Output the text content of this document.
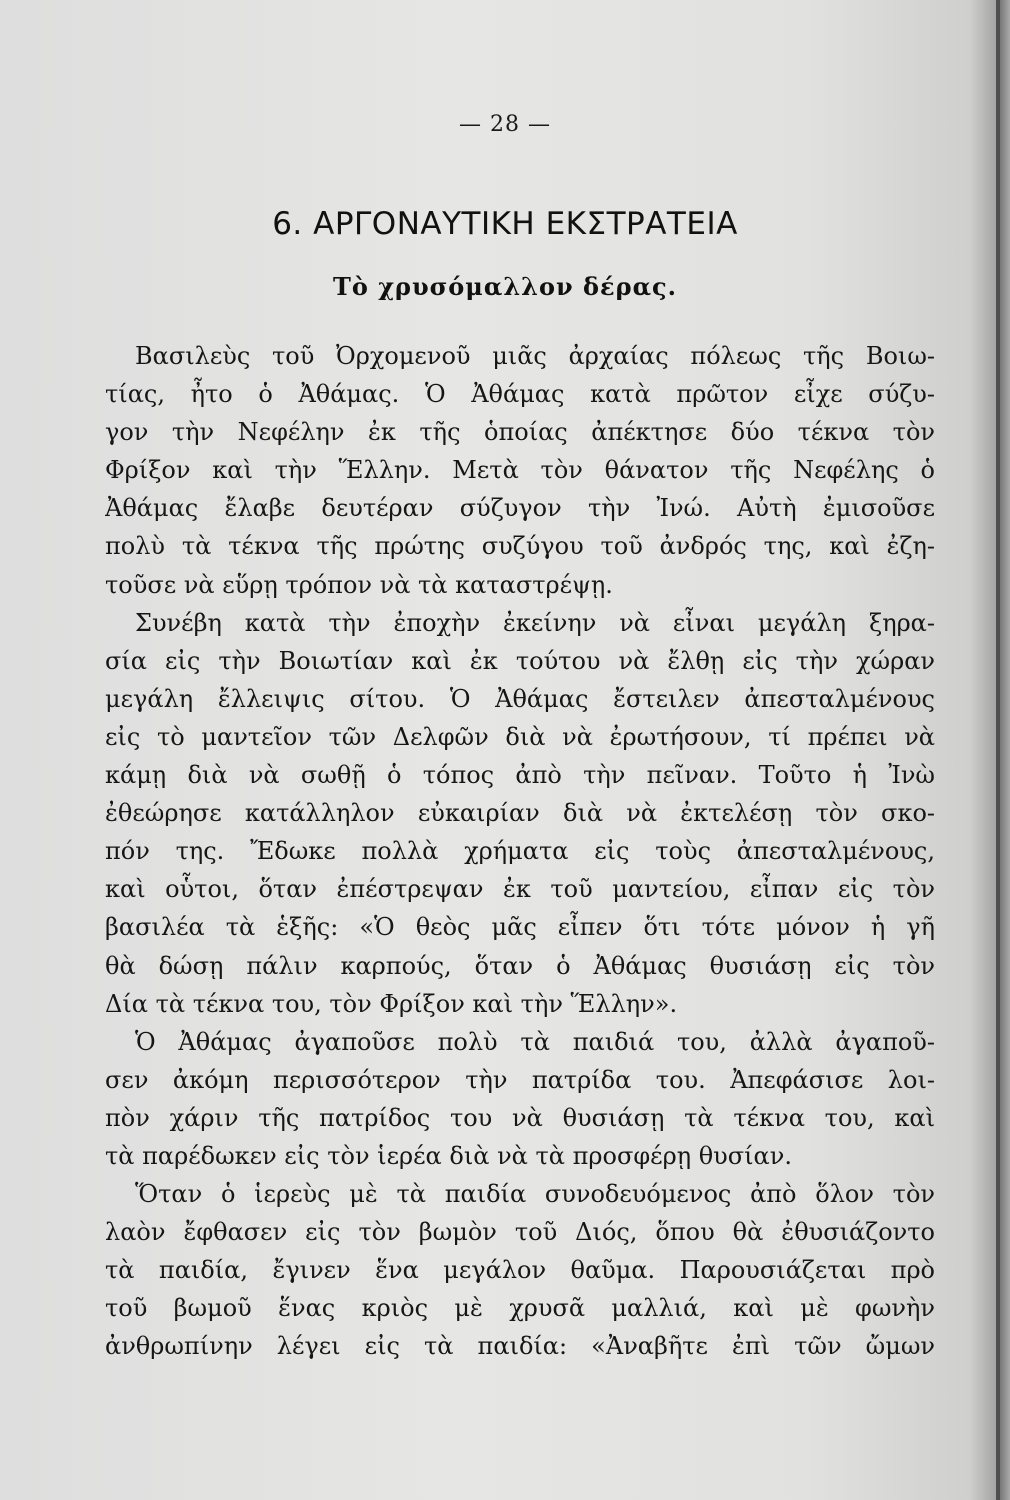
— 28 —
6. ΑΡΓΟΝΑΥΤΙΚΗ ΕΚΣΤΡΑΤΕΙΑ
Τὸ χρυσόμαλλον δέρας.
Βασιλεὺς τοῦ Ὀρχομενοῦ μιᾶς ἀρχαίας πόλεως τῆς Βοιω-
τίας, ἦτο ὁ Ἀθάμας. Ὁ Ἀθάμας κατὰ πρῶτον εἶχε σύζυ-
γον τὴν Νεφέλην ἐκ τῆς ὁποίας ἀπέκτησε δύο τέκνα τὸν
Φρίξον καὶ τὴν Ἕλλην. Μετὰ τὸν θάνατον τῆς Νεφέλης ὁ
Ἀθάμας ἔλαβε δευτέραν σύζυγον τὴν Ἰνώ. Αὐτὴ ἐμισοῦσε
πολὺ τὰ τέκνα τῆς πρώτης συζύγου τοῦ ἀνδρός της, καὶ ἐζη-
τοῦσε νὰ εὕρῃ τρόπον νὰ τὰ καταστρέψῃ.
Συνέβη κατὰ τὴν ἐποχὴν ἐκείνην νὰ εἶναι μεγάλη ξηρα-
σία εἰς τὴν Βοιωτίαν καὶ ἐκ τούτου νὰ ἔλθῃ εἰς τὴν χώραν
μεγάλη ἔλλειψις σίτου. Ὁ Ἀθάμας ἔστειλεν ἀπεσταλμένους
εἰς τὸ μαντεῖον τῶν Δελφῶν διὰ νὰ ἐρωτήσουν, τί πρέπει νὰ
κάμῃ διὰ νὰ σωθῇ ὁ τόπος ἀπὸ τὴν πεῖναν. Τοῦτο ἡ Ἰνὼ
ἐθεώρησε κατάλληλον εὐκαιρίαν διὰ νὰ ἐκτελέσῃ τὸν σκο-
πόν της. Ἔδωκε πολλὰ χρήματα εἰς τοὺς ἀπεσταλμένους,
καὶ οὗτοι, ὅταν ἐπέστρεψαν ἐκ τοῦ μαντείου, εἶπαν εἰς τὸν
βασιλέα τὰ ἑξῆς: «Ὁ θεὸς μᾶς εἶπεν ὅτι τότε μόνον ἡ γῆ
θὰ δώσῃ πάλιν καρπούς, ὅταν ὁ Ἀθάμας θυσιάσῃ εἰς τὸν
Δία τὰ τέκνα του, τὸν Φρίξον καὶ τὴν Ἕλλην».
Ὁ Ἀθάμας ἀγαποῦσε πολὺ τὰ παιδιά του, ἀλλὰ ἀγαποῦ-
σεν ἀκόμη περισσότερον τὴν πατρίδα του. Ἀπεφάσισε λοι-
πὸν χάριν τῆς πατρίδος του νὰ θυσιάσῃ τὰ τέκνα του, καὶ
τὰ παρέδωκεν εἰς τὸν ἱερέα διὰ νὰ τὰ προσφέρῃ θυσίαν.
Ὅταν ὁ ἱερεὺς μὲ τὰ παιδία συνοδευόμενος ἀπὸ ὅλον τὸν
λαὸν ἔφθασεν εἰς τὸν βωμὸν τοῦ Διός, ὅπου θὰ ἐθυσιάζοντο
τὰ παιδία, ἔγινεν ἕνα μεγάλον θαῦμα. Παρουσιάζεται πρὸ
τοῦ βωμοῦ ἕνας κριὸς μὲ χρυσᾶ μαλλιά, καὶ μὲ φωνὴν
ἀνθρωπίνην λέγει εἰς τὰ παιδία: «Ἀναβῆτε ἐπὶ τῶν ὤμων
